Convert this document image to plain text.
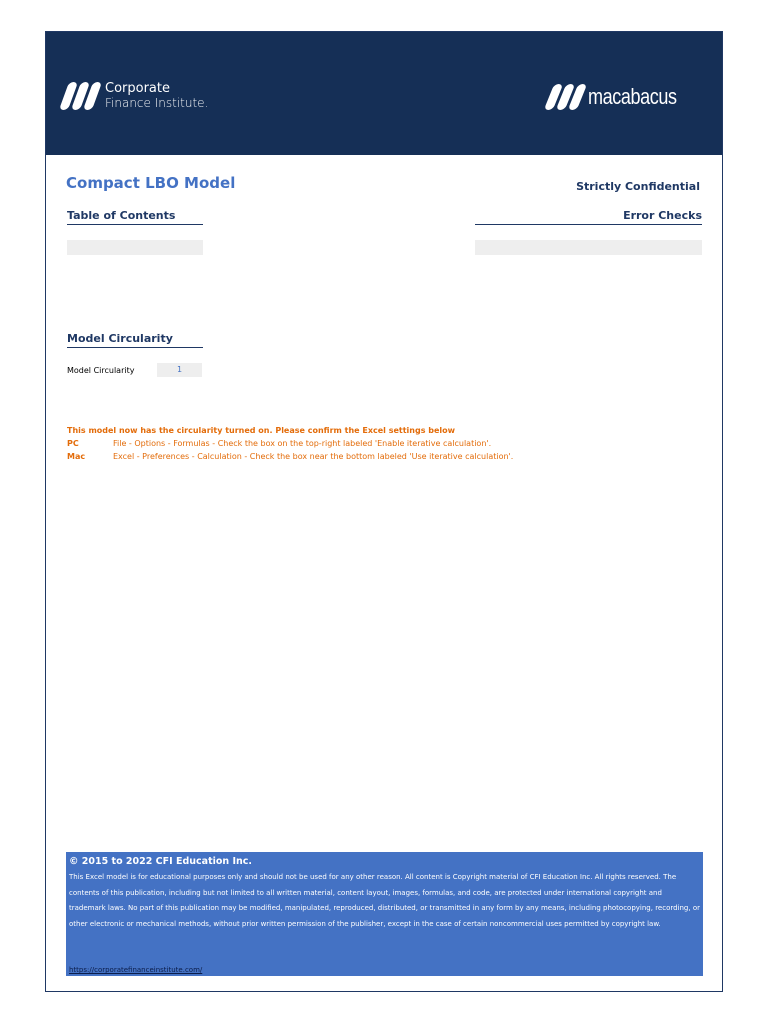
Corporate
Finance Institute.	macabacus
Compact LBO Model	Strictly Confidential
Table of Contents	Error Checks
Model Circularity
Model Circularity	1
This model now has the circularity turned on. Please confirm the Excel settings below
PC	File - Options - Formulas - Check the box on the top-right labeled 'Enable iterative calculation'.
Mac	Excel - Preferences - Calculation - Check the box near the bottom labeled 'Use iterative calculation'.
© 2015 to 2022 CFI Education Inc.
This Excel model is for educational purposes only and should not be used for any other reason. All content is Copyright material of CFI Education Inc. All rights reserved. The contents of this publication, including but not limited to all written material, content layout, images, formulas, and code, are protected under international copyright and trademark laws. No part of this publication may be modified, manipulated, reproduced, distributed, or transmitted in any form by any means, including photocopying, recording, or other electronic or mechanical methods, without prior written permission of the publisher, except in the case of certain noncommercial uses permitted by copyright law.
https://corporatefinanceinstitute.com/
